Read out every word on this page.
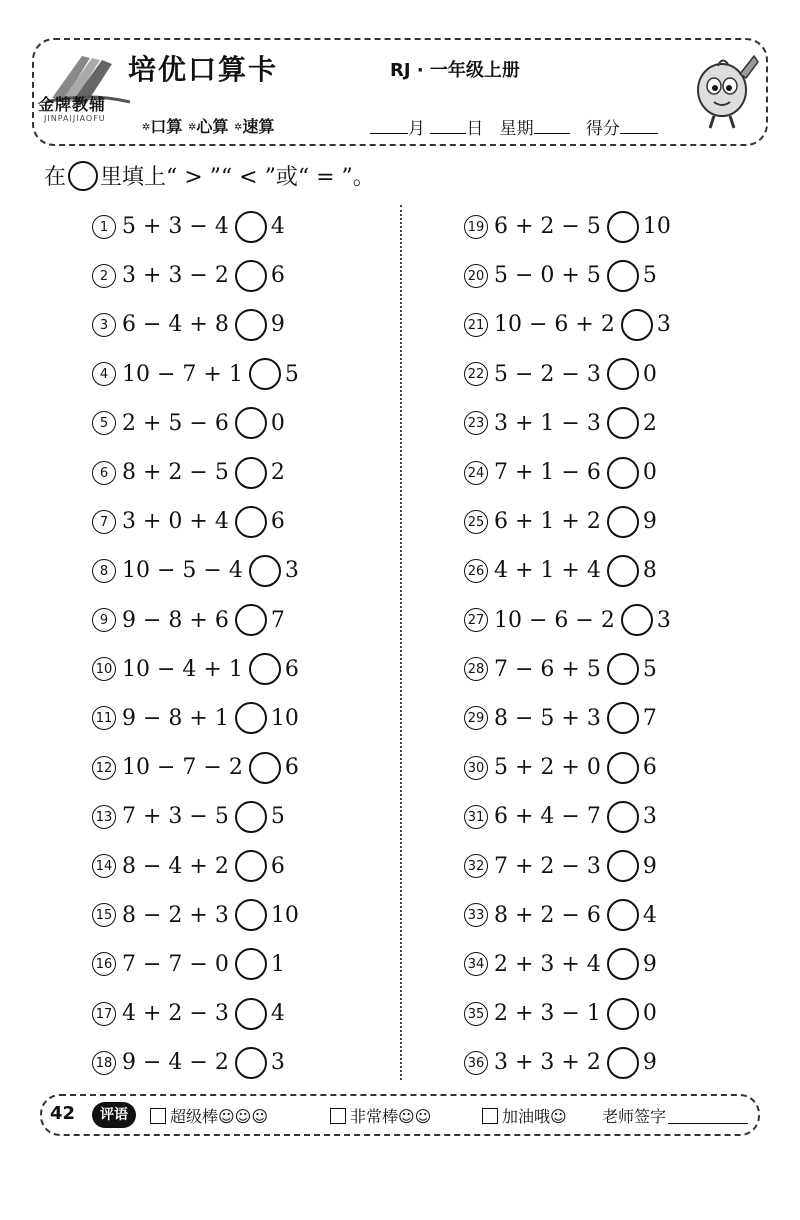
金牌教辅
JINPAIJIAOFU
培优口算卡	RJ · 一年级上册
✲口算 ✲心算 ✲速算	月 日 星期	得分
在 里填上“ > ”“ < ”或“ = ”。
1 5 + 3 − 4 4
2 3 + 3 − 2 6
3 6 − 4 + 8 9
4 10 − 7 + 1 5
5 2 + 5 − 6 0
6 8 + 2 − 5 2
7 3 + 0 + 4 6
8 10 − 5 − 4 3
9 9 − 8 + 6 7
10 10 − 4 + 1 6
11 9 − 8 + 1 10
12 10 − 7 − 2 6
13 7 + 3 − 5 5
14 8 − 4 + 2 6
15 8 − 2 + 3 10
16 7 − 7 − 0 1
17 4 + 2 − 3 4
18 9 − 4 − 2 3
19 6 + 2 − 5 10
20 5 − 0 + 5 5
21 10 − 6 + 2 3
22 5 − 2 − 3 0
23 3 + 1 − 3 2
24 7 + 1 − 6 0
25 6 + 1 + 2 9
26 4 + 1 + 4 8
27 10 − 6 − 2 3
28 7 − 6 + 5 5
29 8 − 5 + 3 7
30 5 + 2 + 0 6
31 6 + 4 − 7 3
32 7 + 2 − 3 9
33 8 + 2 − 6 4
34 2 + 3 + 4 9
35 2 + 3 − 1 0
36 3 + 3 + 2 9
42	评语	超级棒☺☺☺	非常棒☺☺	加油哦☺ 老师签字
